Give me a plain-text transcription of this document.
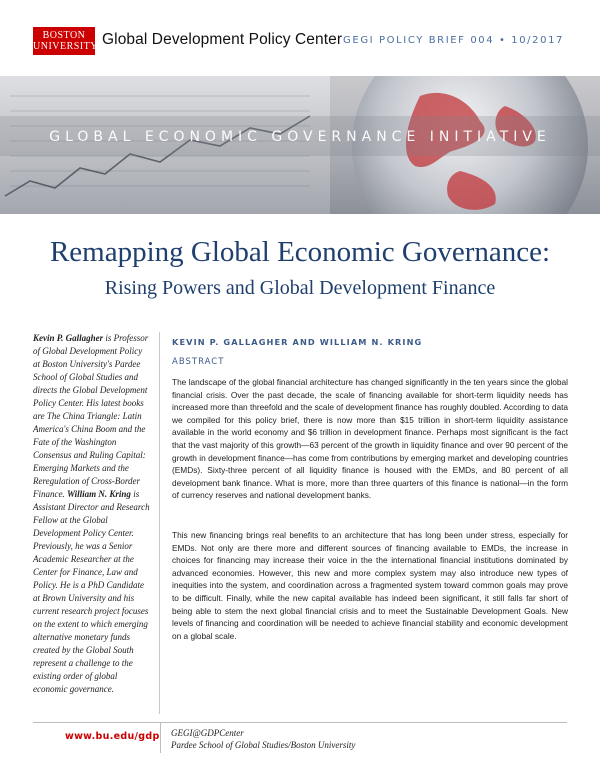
BOSTON
UNIVERSITY Global Development Policy Center GEGI POLICY BRIEF 004 • 10/2017
GLOBAL ECONOMIC GOVERNANCE INITIATIVE
Remapping Global Economic Governance:
Rising Powers and Global Development Finance
Kevin P. Gallagher is Professor of Global Development Policy at Boston University's Pardee School of Global Studies and directs the Global Development Policy Center. His latest books are The China Triangle: Latin America's China Boom and the Fate of the Washington Consensus and Ruling Capital: Emerging Markets and the Reregulation of Cross-Border Finance. William N. Kring is Assistant Director and Research Fellow at the Global Development Policy Center. Previously, he was a Senior Academic Researcher at the Center for Finance, Law and Policy. He is a PhD Candidate at Brown University and his current research project focuses on the extent to which emerging alternative monetary funds created by the Global South represent a challenge to the existing order of global economic governance.
KEVIN P. GALLAGHER AND WILLIAM N. KRING
ABSTRACT
The landscape of the global financial architecture has changed significantly in the ten years since the global financial crisis. Over the past decade, the scale of financing available for short-term liquidity needs has increased more than threefold and the scale of development finance has roughly doubled. According to data we compiled for this policy brief, there is now more than $15 trillion in short-term liquidity assistance available in the world economy and $6 trillion in development finance. Perhaps most significant is the fact that the vast majority of this growth—63 percent of the growth in liquidity finance and over 90 percent of the growth in development finance—has come from contributions by emerging market and developing countries (EMDs). Sixty-three percent of all liquidity finance is housed with the EMDs, and 80 percent of all development bank finance. What is more, more than three quarters of this finance is national—in the form of currency reserves and national development banks.
This new financing brings real benefits to an architecture that has long been under stress, especially for EMDs. Not only are there more and different sources of financing available to EMDs, the increase in choices for financing may increase their voice in the the international financial institutions dominated by advanced economies. However, this new and more complex system may also introduce new types of inequities into the system, and coordination across a fragmented system toward common goals may prove to be difficult. Finally, while the new capital available has indeed been significant, it still falls far short of being able to stem the next global financial crisis and to meet the Sustainable Development Goals. New levels of financing and coordination will be needed to achieve financial stability and economic development on a global scale.
www.bu.edu/gdp GEGI@GDPCenter
Pardee School of Global Studies/Boston University
